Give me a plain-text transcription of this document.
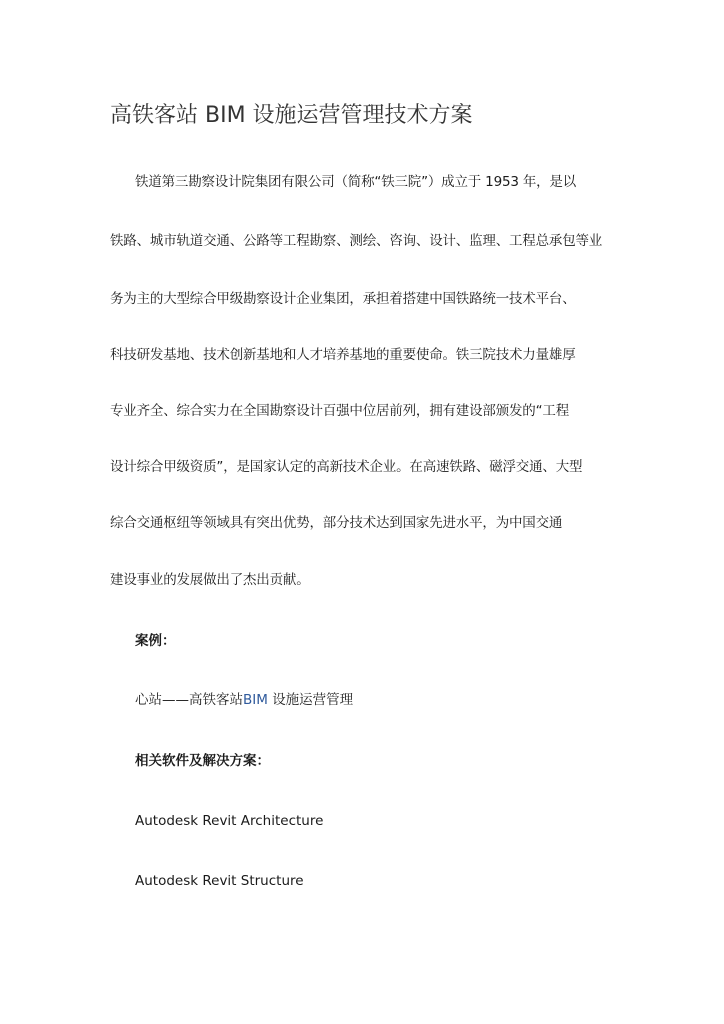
高铁客站 BIM 设施运营管理技术方案
铁道第三勘察设计院集团有限公司（简称“铁三院”）成立于 1953 年，是以
铁路、城市轨道交通、公路等工程勘察、测绘、咨询、设计、监理、工程总承包等业
务为主的大型综合甲级勘察设计企业集团，承担着搭建中国铁路统一技术平台、
科技研发基地、技术创新基地和人才培养基地的重要使命。铁三院技术力量雄厚
专业齐全、综合实力在全国勘察设计百强中位居前列，拥有建设部颁发的“工程
设计综合甲级资质”，是国家认定的高新技术企业。在高速铁路、磁浮交通、大型
综合交通枢纽等领域具有突出优势，部分技术达到国家先进水平，为中国交通
建设事业的发展做出了杰出贡献。
案例：
心站——高铁客站BIM 设施运营管理
相关软件及解决方案：
Autodesk Revit Architecture
Autodesk Revit Structure
